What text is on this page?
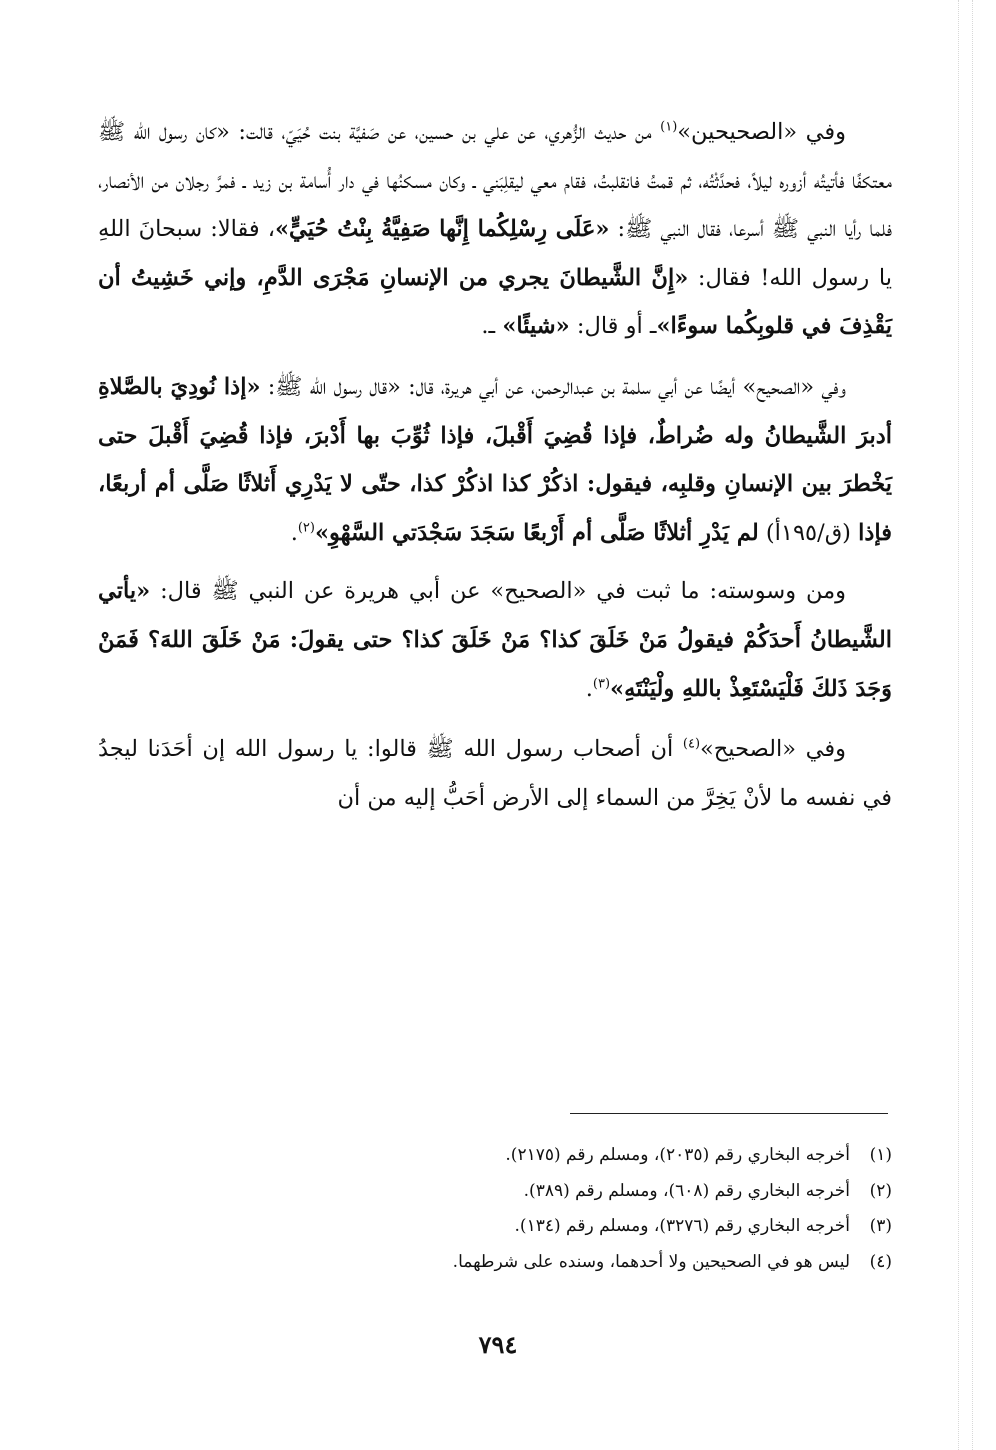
وفي «الصحيحين»$^{(١)}$ من حديث الزُّهري، عن علي بن حسين، عن صَفيَّة بنت حُيَيّ، قالت: «كان رسول الله ﷺ معتكفًا فأتيتُه أزوره ليلاً، فحدَّثْتُه، ثم قمتُ فانقلبتُ، فقام معي ليقلِبَني ـ وكان مسكنُها في دار أُسامة بن زيد ـ فمرَّ رجلان من الأنصار، فلما رأيا النبي ﷺ أسرعا، فقال النبي ﷺ: «عَلَى رِسْلِكُما إِنَّها صَفِيَّةُ بِنْتُ حُيَيٍّ»، فقالا: سبحانَ اللهِ يا رسول الله! فقال: «إِنَّ الشَّيطانَ يجري من الإنسانِ مَجْرَى الدَّمِ، وإني خَشِيتُ أن يَقْذِفَ في قلوبِكُما سوءًا»ـ أو قال: «شيئًا» ـ.

وفي «الصحيح» أيضًا عن أبي سلمة بن عبدالرحمن، عن أبي هريرة، قال: «قال رسول الله ﷺ: «إذا نُودِيَ بالصَّلاةِ أدبرَ الشَّيطانُ وله ضُراطٌ، فإذا قُضِيَ أَقْبلَ، فإذا ثُوِّبَ بها أَدْبرَ، فإذا قُضِيَ أَقْبلَ حتى يَخْطرَ بين الإنسانِ وقلبِه، فيقول: اذكُرْ كذا اذكُرْ كذا، حتّى لا يَدْرِي أَثلاثًا صَلَّى أم أربعًا، فإذا (ق/١٩٥أ) لم يَدْرِ أثلاثًا صَلَّى أم أَرْبعًا سَجَدَ سَجْدَتي السَّهْوِ»$^{(٢)}$.

ومن وسوسته: ما ثبت في «الصحيح» عن أبي هريرة عن النبي ﷺ قال: «يأتي الشَّيطانُ أَحدَكُمْ فيقولُ مَنْ خَلَقَ كذا؟ مَنْ خَلَقَ كذا؟ حتى يقولَ: مَنْ خَلَقَ اللهَ؟ فَمَنْ وَجَدَ ذَلكَ فَلْيَسْتَعِذْ باللهِ ولْيَنْتَهِ»$^{(٣)}$.

وفي «الصحيح»$^{(٤)}$ أن أصحاب رسول الله ﷺ قالوا: يا رسول الله إن أحَدَنا ليجدُ في نفسه ما لأنْ يَخِرَّ من السماء إلى الأرض أحَبُّ إليه من أن

(١)أخرجه البخاري رقم (٢٠٣٥)، ومسلم رقم (٢١٧٥).
(٢)أخرجه البخاري رقم (٦٠٨)، ومسلم رقم (٣٨٩).
(٣)أخرجه البخاري رقم (٣٢٧٦)، ومسلم رقم (١٣٤).
(٤)ليس هو في الصحيحين ولا أحدهما، وسنده على شرطهما.
٧٩٤
